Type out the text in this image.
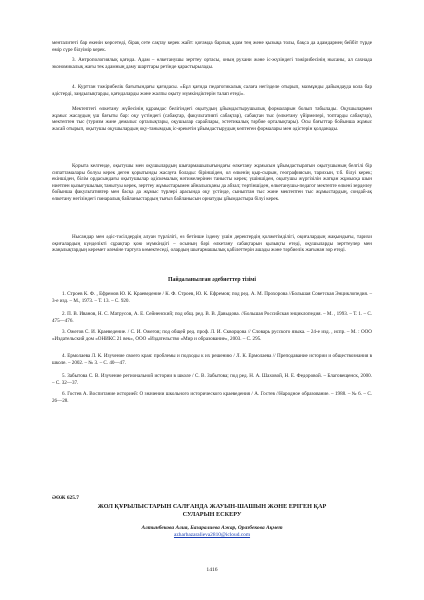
менталитеті бар екенін көрсетеді, бірақ сете сақтау керек жайт: қоғамда барлық адам тең жене қызықа толы, бақса да адамдарнең бейбіт түрде өмір сүре білуімір керек.

3. Антропологиялық қағида. Адам – өлкетанушы зерттеу ортасы, оның рухани және іс-жүзіндегі тәжірибесінің нысаны, ал сахнада экономикалық жағы тек адамның даму шарттары ретінде қарастырылады.

4. Курттан тәжірибелік бағытындағы қағидасы. «Бұл қағида педагогикалық салаға негізделе отырып, мазмұнды дайындауда кола бар әдістерді, заңдылықтарды, қағидаларды және жалпы оқыту мүмкіндіктерін талап етеді».

Мектептегі өлкетану жүйесінің құрамдас белігіндегі оқытудың ұйымдастырушылық формаларын болып табылады. Оқушылармен жұмыс жасаудың үш бағыты бар: оқу үстіндегі (сабақтар, факультативті сабақтар), сабақтан тыс (өлкетану үйірмелері, топтарды сабақтар), мектептен тыс (туризм және демалыс орталықтары, оқушылар сарайлары, эстетикалық тәрбие орталықтары). Осы бағыттар бойынша жұмыс жасай отырып, оқытушы оқушылардың оқу-танымдық іс-әрекетін ұйымдастырудың көптеген формалары мен әдістерін қолданады.

Қорыта келгенде, оқытушы мен оқушылардың шығармашылығындағы өлкетану жұмысын ұйымдастыратын оқытушының белгілі бір сипаттамалары болуы керек деген қорытынды жасауға болады: біріншіден, ол өлкенің қыр-сырын, географиясын, тарихын, т.б. білуі керек; екіншіден, білім ордасындағы оқытушылар әдіскемалық нәтижелерінен танысты керек; үшіншіден, оқытушы жүргізілін жатқан жұмысқа шын ниетпен қызығушылық танытуы керек, зерттеу жұмыстарымен айналысқаны да абзал; төртіншіден, өлкетанушы-педагог мектепте өлкені зерделеу бойынша факультативтер мен басқа да жұмыс түрлері арасында оқу үстінде, сыныптан тыс және мектептен тыс жұмыстардың, сондай-ақ өлкетану негізіндегі пәнаралық байланыстардың тығыз байланысын орнатуды ұйымдастыра білуі керек.

Нысандар мен әдіс-тәсілдердің алуан түрлілігі, өз бетінше іздену үшін деректердің қолжетімділігі, оқиғалардың жақындығы, тарихи оқиғалардың күнделікті сұрақтар қою мүмкіндігі – осының бәрі өлкетану сабақтарын қызықты етеді, оқушыларды зерттеулер мен жаңалықтардың керемет әлеміне тартуға көмектеседі, олардың шығармашылық қабілеттерін ашады және тәрбиелік жағынан зор етеді.

Пайдаланылған әдебиеттер тізімі

1. Строев К. Ф. , Ефремов Ю. К. Краеведение / К. Ф. Строев, Ю. К. Ефремов; под ред. А. М. Прохорова //Большая Советская Энциклопедия. – 3-е изд. – М., 1973. – Т. 13. – С. 920.

2. П. В. Иванов, Н. С. Матрусов, А. Е. Сейненский; под общ. ред. В. В. Давыдова. //Большая Российская энциклопедия. – М. , 1993. – Т. 1. – С. 475—476.

3. Ожегов С. И. Краеведение. / С. И. Ожегов; под общей ред. проф. Л. И. Скворцова // Словарь русского языка. – 24-е изд. , испр. – М. : ООО «Издательский дом «ОНИКС 21 век», ООО «Издательство «Мир и образование», 2003. – С. 295.

4. Ермолаева Л. К. Изучение своего края: проблемы и подходы к их решению / Л. К. Ермолаева // Преподавание истории и обществознания в школе. – 2002. – № 3. – С. 40—47.

5. Забытова С. В. Изучение региональной истории в школе / С. В. Забытова; под ред. Н. А. Шаховой, Н. Е. Федоровой. – Благовещенск, 2000. – С. 32—37.

6. Гостев А. Воспитание историей: О значении школьного исторического краеведения / А. Гостев //Народное образование. – 1988. – № 6. – С. 26—28.

ӘӨЖ 625.7

ЖОЛ ҚҰРЫЛЫСТАРЫН САЛҒАНДА ЖАУЫН-ШАШЫН ЖӘНЕ ЕРІГЕН ҚАР
СУЛАРЫН ЕСКЕРУ

Алтынбекова Алия, Базаралиева Ажар, Оразбекова Ақмет

azharbazaralieva2810@icloud.com

1416
